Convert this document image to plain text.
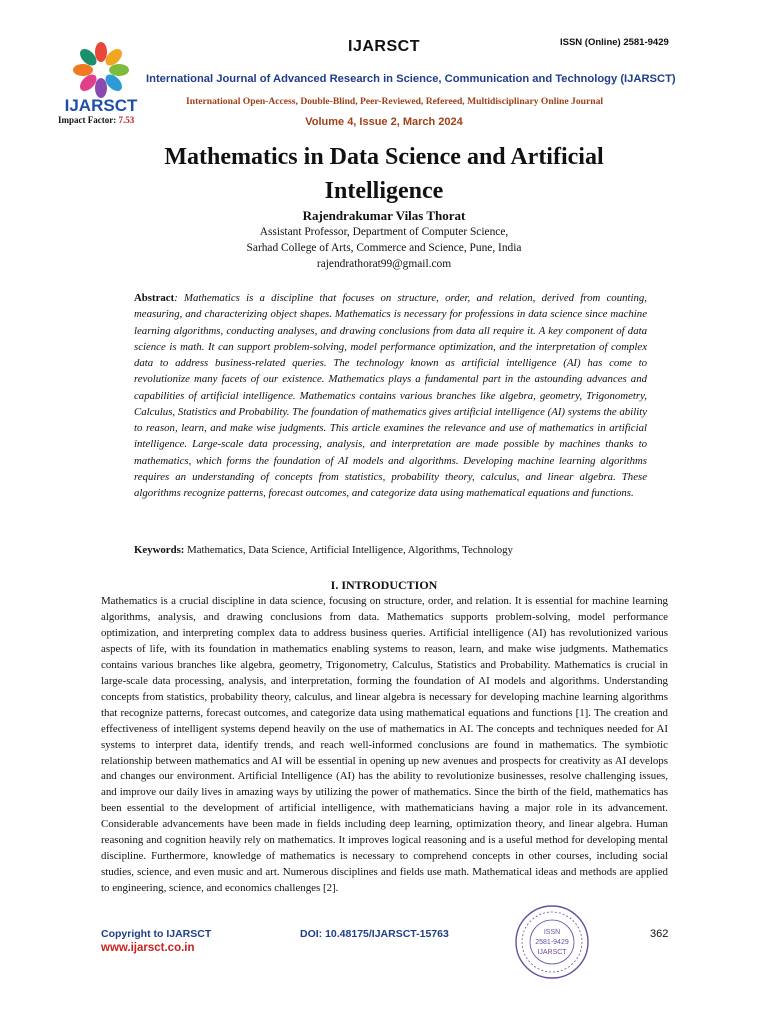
IJARSCT
IJARSCT	ISSN (Online) 2581-9429
International Journal of Advanced Research in Science, Communication and Technology (IJARSCT)
International Open-Access, Double-Blind, Peer-Reviewed, Refereed, Multidisciplinary Online Journal
Impact Factor: 7.53	Volume 4, Issue 2, March 2024
Mathematics in Data Science and Artificial
Intelligence
Rajendrakumar Vilas Thorat
Assistant Professor, Department of Computer Science,
Sarhad College of Arts, Commerce and Science, Pune, India
rajendrathorat99@gmail.com
Abstract: Mathematics is a discipline that focuses on structure, order, and relation, derived from counting, measuring, and characterizing object shapes. Mathematics is necessary for professions in data science since machine learning algorithms, conducting analyses, and drawing conclusions from data all require it. A key component of data science is math. It can support problem-solving, model performance optimization, and the interpretation of complex data to address business-related queries. The technology known as artificial intelligence (AI) has come to revolutionize many facets of our existence. Mathematics plays a fundamental part in the astounding advances and capabilities of artificial intelligence. Mathematics contains various branches like algebra, geometry, Trigonometry, Calculus, Statistics and Probability. The foundation of mathematics gives artificial intelligence (AI) systems the ability to reason, learn, and make wise judgments. This article examines the relevance and use of mathematics in artificial intelligence. Large-scale data processing, analysis, and interpretation are made possible by machines thanks to mathematics, which forms the foundation of AI models and algorithms. Developing machine learning algorithms requires an understanding of concepts from statistics, probability theory, calculus, and linear algebra. These algorithms recognize patterns, forecast outcomes, and categorize data using mathematical equations and functions.
Keywords: Mathematics, Data Science, Artificial Intelligence, Algorithms, Technology
I. INTRODUCTION

Mathematics is a crucial discipline in data science, focusing on structure, order, and relation. It is essential for machine learning algorithms, analysis, and drawing conclusions from data. Mathematics supports problem-solving, model performance optimization, and interpreting complex data to address business queries. Artificial intelligence (AI) has revolutionized various aspects of life, with its foundation in mathematics enabling systems to reason, learn, and make wise judgments. Mathematics contains various branches like algebra, geometry, Trigonometry, Calculus, Statistics and Probability. Mathematics is crucial in large-scale data processing, analysis, and interpretation, forming the foundation of AI models and algorithms. Understanding concepts from statistics, probability theory, calculus, and linear algebra is necessary for developing machine learning algorithms that recognize patterns, forecast outcomes, and categorize data using mathematical equations and functions [1]. The creation and effectiveness of intelligent systems depend heavily on the use of mathematics in AI. The concepts and techniques needed for AI systems to interpret data, identify trends, and reach well-informed conclusions are found in mathematics. The symbiotic relationship between mathematics and AI will be essential in opening up new avenues and prospects for creativity as AI develops and changes our environment. Artificial Intelligence (AI) has the ability to revolutionize businesses, resolve challenging issues, and improve our daily lives in amazing ways by utilizing the power of mathematics. Since the birth of the field, mathematics has been essential to the development of artificial intelligence, with mathematicians having a major role in its advancement. Considerable advancements have been made in fields including deep learning, optimization theory, and linear algebra. Human reasoning and cognition heavily rely on mathematics. It improves logical reasoning and is a useful method for developing mental discipline. Furthermore, knowledge of mathematics is necessary to comprehend concepts in other courses, including social studies, science, and even music and art. Numerous disciplines and fields use math. Mathematical ideas and methods are applied to engineering, science, and economics challenges [2].

Copyright to IJARSCT
www.ijarsct.co.in
DOI: 10.48175/IJARSCT-15763	ISSN
2581-9429
IJARSCT
362
